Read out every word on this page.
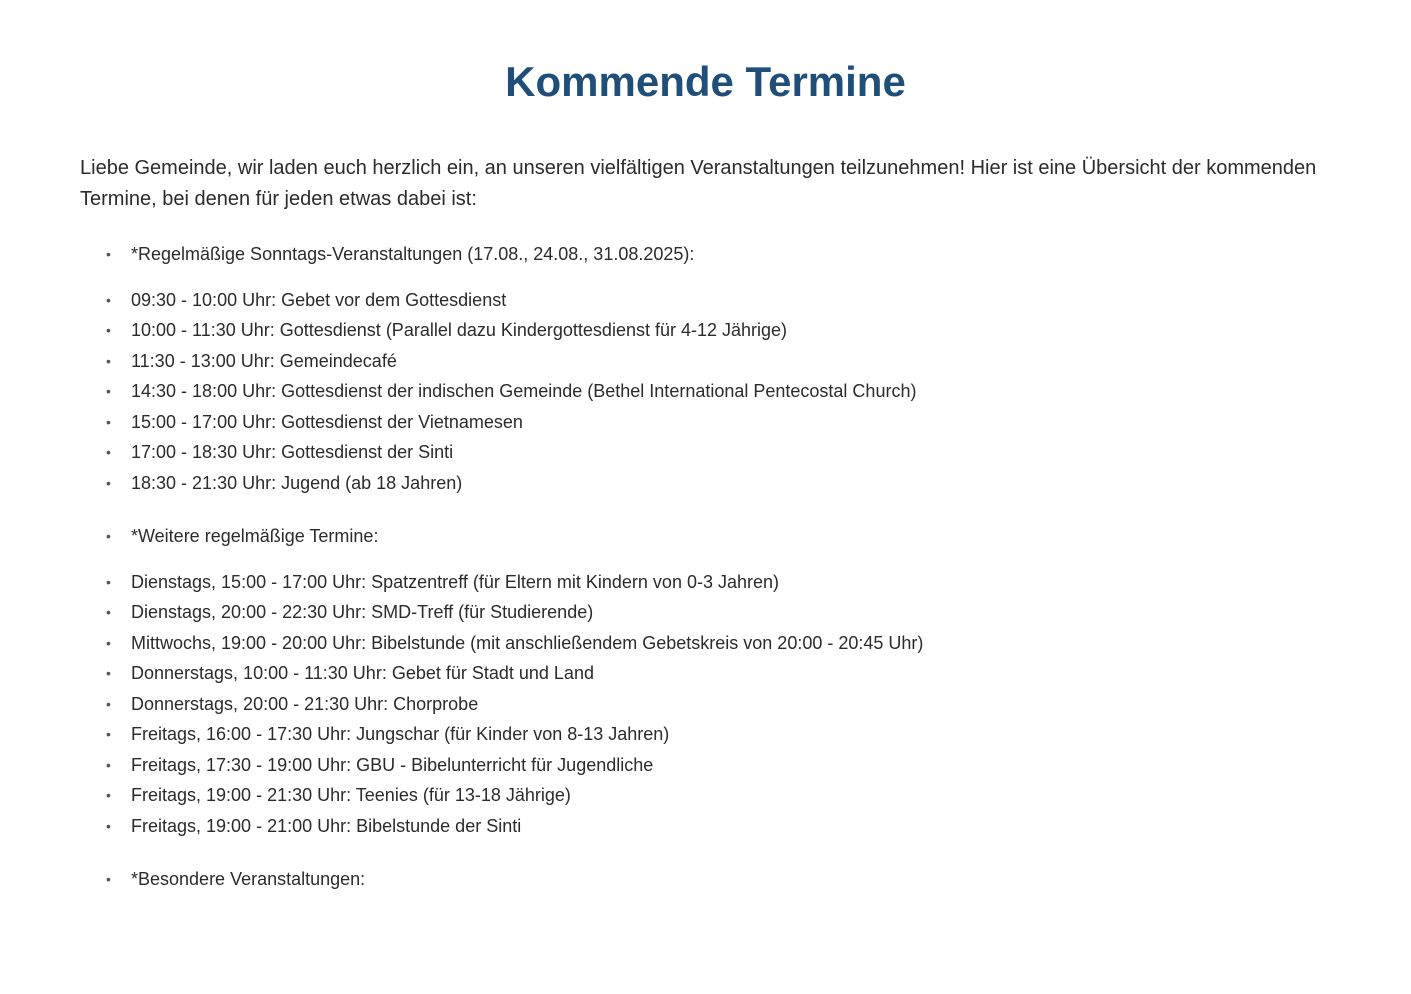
Kommende Termine

Liebe Gemeinde, wir laden euch herzlich ein, an unseren vielfältigen Veranstaltungen teilzunehmen! Hier ist eine Übersicht der kommenden Termine, bei denen für jeden etwas dabei ist:

• *Regelmäßige Sonntags-Veranstaltungen (17.08., 24.08., 31.08.2025):
• 09:30 - 10:00 Uhr: Gebet vor dem Gottesdienst
• 10:00 - 11:30 Uhr: Gottesdienst (Parallel dazu Kindergottesdienst für 4-12 Jährige)
• 11:30 - 13:00 Uhr: Gemeindecafé
• 14:30 - 18:00 Uhr: Gottesdienst der indischen Gemeinde (Bethel International Pentecostal Church)
• 15:00 - 17:00 Uhr: Gottesdienst der Vietnamesen
• 17:00 - 18:30 Uhr: Gottesdienst der Sinti
• 18:30 - 21:30 Uhr: Jugend (ab 18 Jahren)
• *Weitere regelmäßige Termine:
• Dienstags, 15:00 - 17:00 Uhr: Spatzentreff (für Eltern mit Kindern von 0-3 Jahren)
• Dienstags, 20:00 - 22:30 Uhr: SMD-Treff (für Studierende)
• Mittwochs, 19:00 - 20:00 Uhr: Bibelstunde (mit anschließendem Gebetskreis von 20:00 - 20:45 Uhr)
• Donnerstags, 10:00 - 11:30 Uhr: Gebet für Stadt und Land
• Donnerstags, 20:00 - 21:30 Uhr: Chorprobe
• Freitags, 16:00 - 17:30 Uhr: Jungschar (für Kinder von 8-13 Jahren)
• Freitags, 17:30 - 19:00 Uhr: GBU - Bibelunterricht für Jugendliche
• Freitags, 19:00 - 21:30 Uhr: Teenies (für 13-18 Jährige)
• Freitags, 19:00 - 21:00 Uhr: Bibelstunde der Sinti
• *Besondere Veranstaltungen:
